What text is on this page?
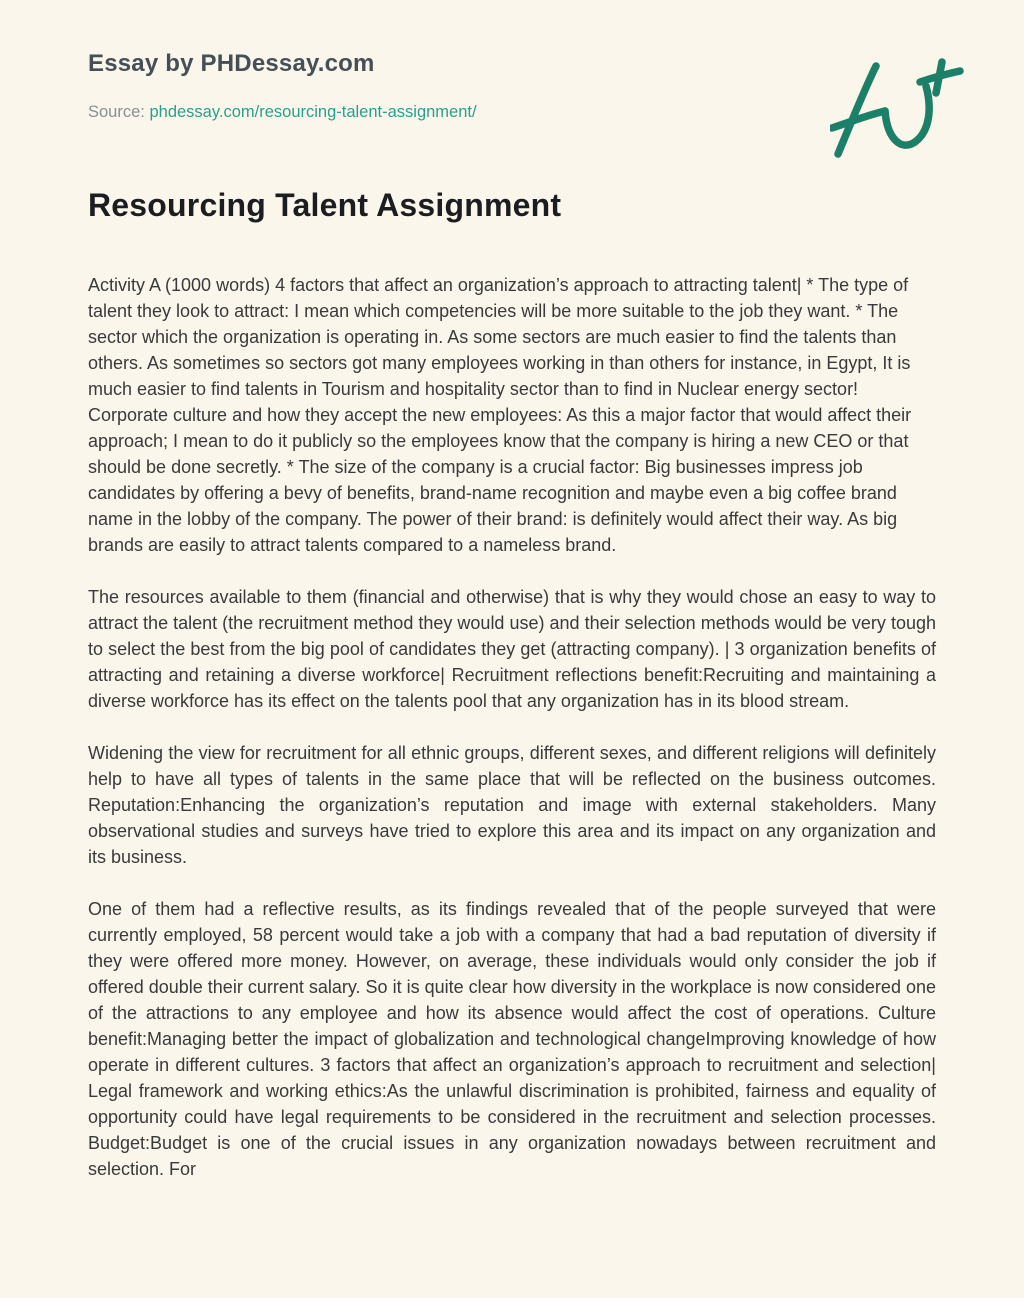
Essay by PHDessay.com

Source: phdessay.com/resourcing-talent-assignment/

Resourcing Talent Assignment

Activity A (1000 words) 4 factors that affect an organization’s approach to attracting talent| * The type of talent they look to attract: I mean which competencies will be more suitable to the job they want. * The sector which the organization is operating in. As some sectors are much easier to find the talents than others. As sometimes so sectors got many employees working in than others for instance, in Egypt, It is much easier to find talents in Tourism and hospitality sector than to find in Nuclear energy sector! Corporate culture and how they accept the new employees: As this a major factor that would affect their approach; I mean to do it publicly so the employees know that the company is hiring a new CEO or that should be done secretly. * The size of the company is a crucial factor: Big businesses impress job candidates by offering a bevy of benefits, brand-name recognition and maybe even a big coffee brand name in the lobby of the company. The power of their brand: is definitely would affect their way. As big brands are easily to attract talents compared to a nameless brand.

The resources available to them (financial and otherwise) that is why they would chose an easy to way to attract the talent (the recruitment method they would use) and their selection methods would be very tough to select the best from the big pool of candidates they get (attracting company). | 3 organization benefits of attracting and retaining a diverse workforce| Recruitment reflections benefit:Recruiting and maintaining a diverse workforce has its effect on the talents pool that any organization has in its blood stream.

Widening the view for recruitment for all ethnic groups, different sexes, and different religions will definitely help to have all types of talents in the same place that will be reflected on the business outcomes. Reputation:Enhancing the organization’s reputation and image with external stakeholders. Many observational studies and surveys have tried to explore this area and its impact on any organization and its business.

One of them had a reflective results, as its findings revealed that of the people surveyed that were currently employed, 58 percent would take a job with a company that had a bad reputation of diversity if they were offered more money. However, on average, these individuals would only consider the job if offered double their current salary. So it is quite clear how diversity in the workplace is now considered one of the attractions to any employee and how its absence would affect the cost of operations. Culture benefit:Managing better the impact of globalization and technological changeImproving knowledge of how operate in different cultures. 3 factors that affect an organization’s approach to recruitment and selection| Legal framework and working ethics:As the unlawful discrimination is prohibited, fairness and equality of opportunity could have legal requirements to be considered in the recruitment and selection processes. Budget:Budget is one of the crucial issues in any organization nowadays between recruitment and selection. For
